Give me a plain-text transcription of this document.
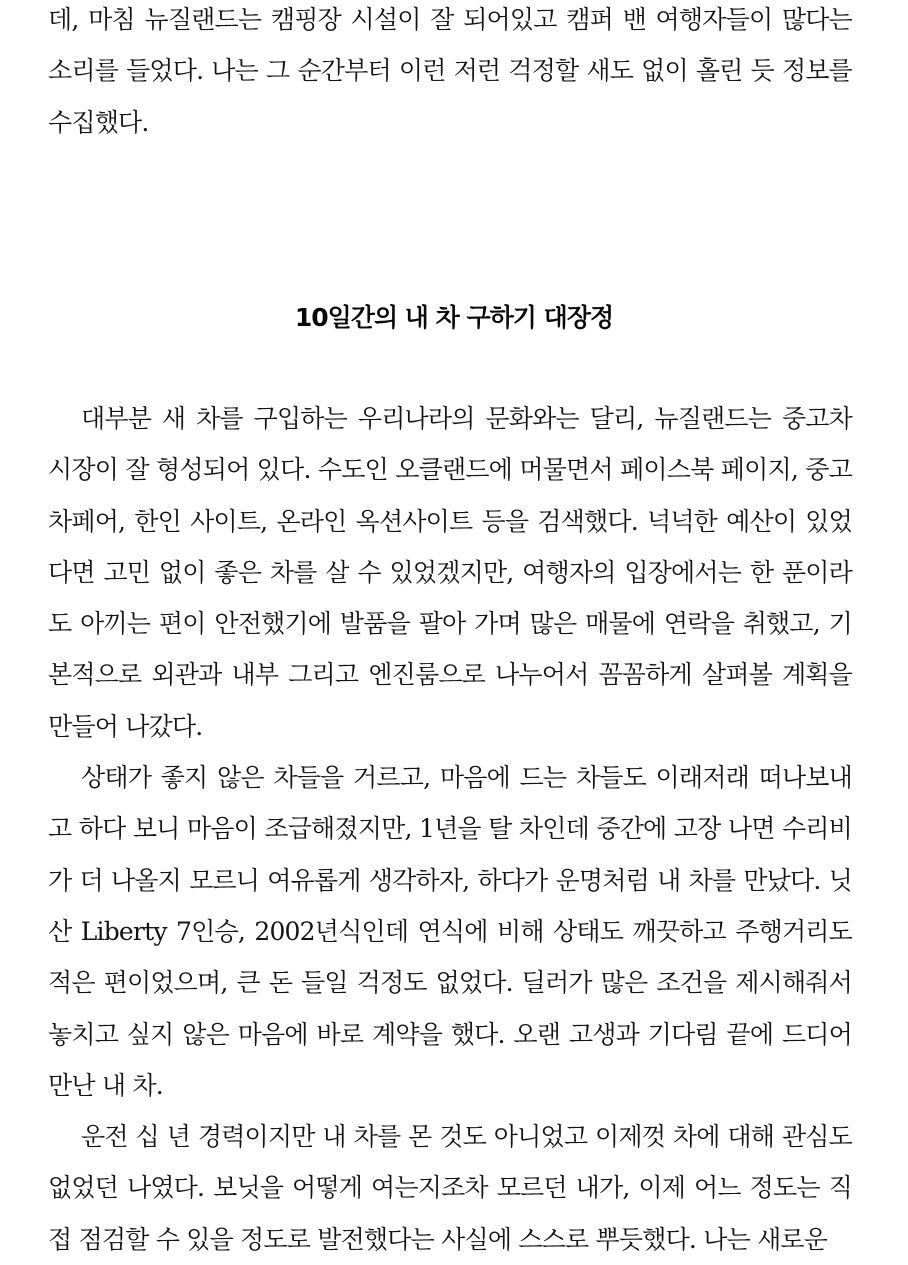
데, 마침 뉴질랜드는 캠핑장 시설이 잘 되어있고 캠퍼 밴 여행자들이 많다는 소리를 들었다. 나는 그 순간부터 이런 저런 걱정할 새도 없이 홀린 듯 정보를 수집했다.

10일간의 내 차 구하기 대장정

대부분 새 차를 구입하는 우리나라의 문화와는 달리, 뉴질랜드는 중고차 시장이 잘 형성되어 있다. 수도인 오클랜드에 머물면서 페이스북 페이지, 중고차페어, 한인 사이트, 온라인 옥션사이트 등을 검색했다. 넉넉한 예산이 있었다면 고민 없이 좋은 차를 살 수 있었겠지만, 여행자의 입장에서는 한 푼이라도 아끼는 편이 안전했기에 발품을 팔아 가며 많은 매물에 연락을 취했고, 기본적으로 외관과 내부 그리고 엔진룸으로 나누어서 꼼꼼하게 살펴볼 계획을 만들어 나갔다.

상태가 좋지 않은 차들을 거르고, 마음에 드는 차들도 이래저래 떠나보내고 하다 보니 마음이 조급해졌지만, 1년을 탈 차인데 중간에 고장 나면 수리비가 더 나올지 모르니 여유롭게 생각하자, 하다가 운명처럼 내 차를 만났다. 닛산 Liberty 7인승, 2002년식인데 연식에 비해 상태도 깨끗하고 주행거리도 적은 편이었으며, 큰 돈 들일 걱정도 없었다. 딜러가 많은 조건을 제시해줘서 놓치고 싶지 않은 마음에 바로 계약을 했다. 오랜 고생과 기다림 끝에 드디어 만난 내 차.

운전 십 년 경력이지만 내 차를 몬 것도 아니었고 이제껏 차에 대해 관심도 없었던 나였다. 보닛을 어떻게 여는지조차 모르던 내가, 이제 어느 정도는 직접 점검할 수 있을 정도로 발전했다는 사실에 스스로 뿌듯했다. 나는 새로운
